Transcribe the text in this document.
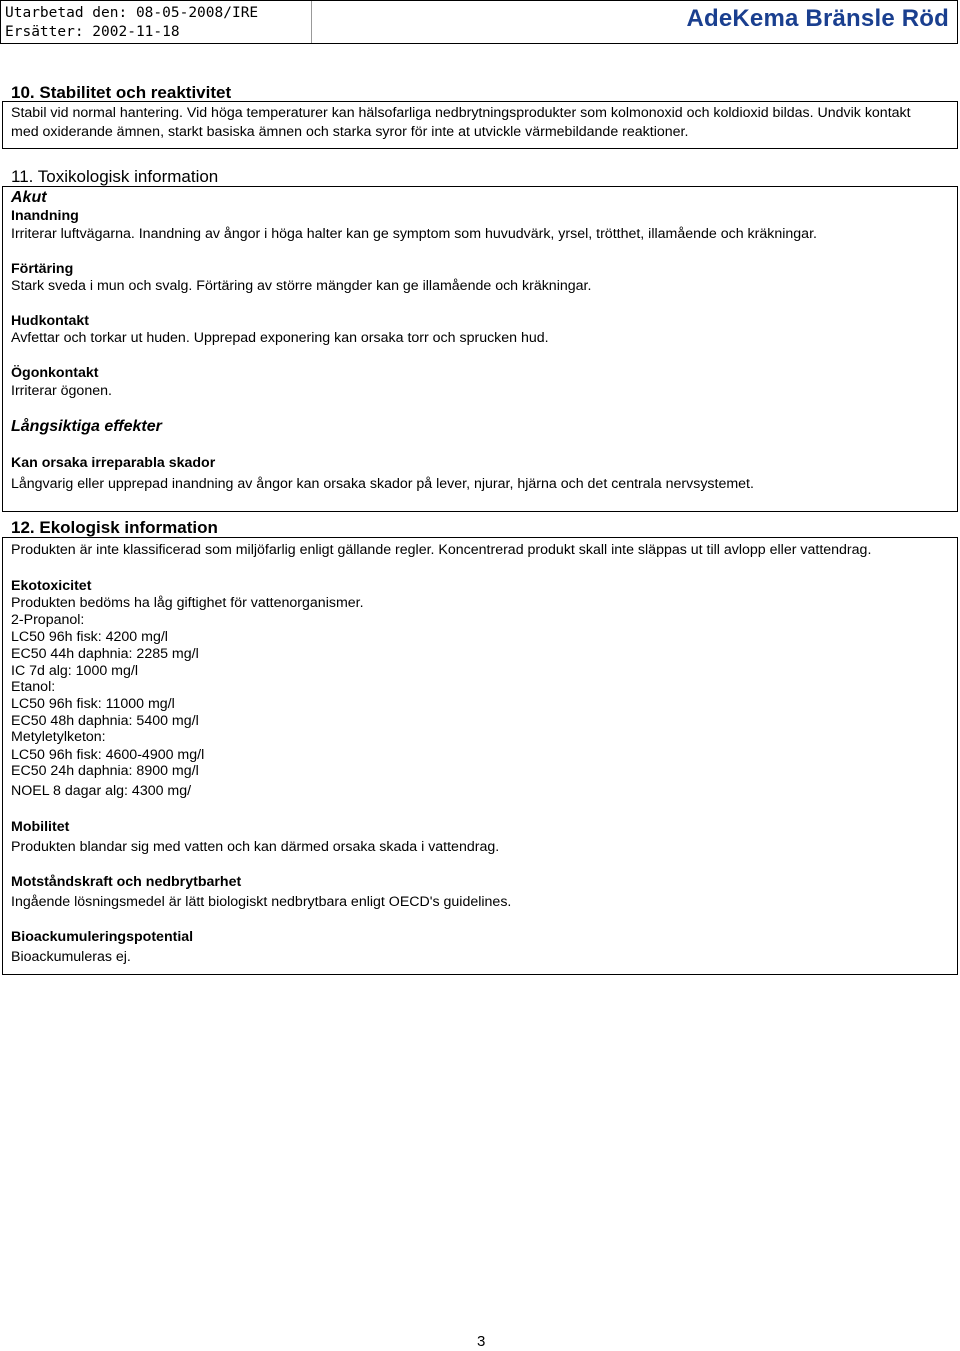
Utarbetad den: 08-05-2008/IRE
Ersätter: 2002-11-18	AdeKema Bränsle Röd
10. Stabilitet och reaktivitet
Stabil vid normal hantering. Vid höga temperaturer kan hälsofarliga nedbrytningsprodukter som kolmonoxid och koldioxid bildas. Undvik kontakt
med oxiderande ämnen, starkt basiska ämnen och starka syror för inte at utvickle värmebildande reaktioner.
11. Toxikologisk information
Akut
Inandning
Irriterar luftvägarna. Inandning av ångor i höga halter kan ge symptom som huvudvärk, yrsel, trötthet, illamående och kräkningar.
Förtäring
Stark sveda i mun och svalg. Förtäring av större mängder kan ge illamående och kräkningar.
Hudkontakt
Avfettar och torkar ut huden. Upprepad exponering kan orsaka torr och sprucken hud.
Ögonkontakt
Irriterar ögonen.
Långsiktiga effekter
Kan orsaka irreparabla skador
Långvarig eller upprepad inandning av ångor kan orsaka skador på lever, njurar, hjärna och det centrala nervsystemet.
12. Ekologisk information
Produkten är inte klassificerad som miljöfarlig enligt gällande regler. Koncentrerad produkt skall inte släppas ut till avlopp eller vattendrag.
Ekotoxicitet
Produkten bedöms ha låg giftighet för vattenorganismer.
2-Propanol:
LC50 96h fisk: 4200 mg/l
EC50 44h daphnia: 2285 mg/l
IC 7d alg: 1000 mg/l
Etanol:
LC50 96h fisk: 11000 mg/l
EC50 48h daphnia: 5400 mg/l
Metyletylketon:
LC50 96h fisk: 4600-4900 mg/l
EC50 24h daphnia: 8900 mg/l
NOEL 8 dagar alg: 4300 mg/
Mobilitet
Produkten blandar sig med vatten och kan därmed orsaka skada i vattendrag.
Motståndskraft och nedbrytbarhet
Ingående lösningsmedel är lätt biologiskt nedbrytbara enligt OECD's guidelines.
Bioackumuleringspotential
Bioackumuleras ej.
3
